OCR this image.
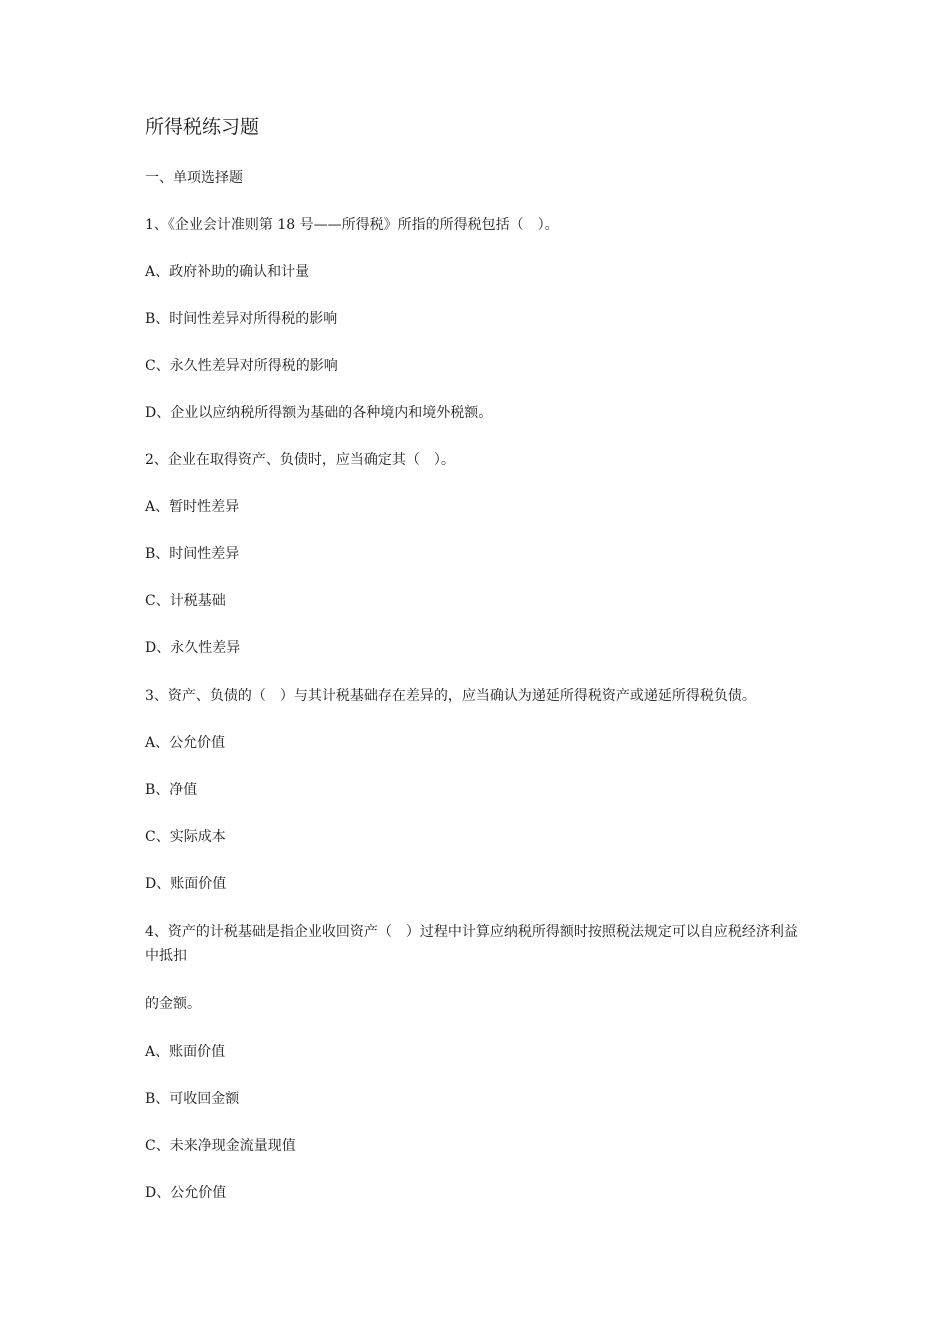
所得税练习题
一、单项选择题
1、《企业会计准则第 18 号——所得税》所指的所得税包括（　）。
A、政府补助的确认和计量
B、时间性差异对所得税的影响
C、永久性差异对所得税的影响
D、企业以应纳税所得额为基础的各种境内和境外税额。
2、企业在取得资产、负债时，应当确定其（　）。
A、暂时性差异
B、时间性差异
C、计税基础
D、永久性差异
3、资产、负债的（　）与其计税基础存在差异的，应当确认为递延所得税资产或递延所得税负债。
A、公允价值
B、净值
C、实际成本
D、账面价值
4、资产的计税基础是指企业收回资产（　）过程中计算应纳税所得额时按照税法规定可以自应税经济利益
中抵扣
的金额。
A、账面价值
B、可收回金额
C、未来净现金流量现值
D、公允价值
